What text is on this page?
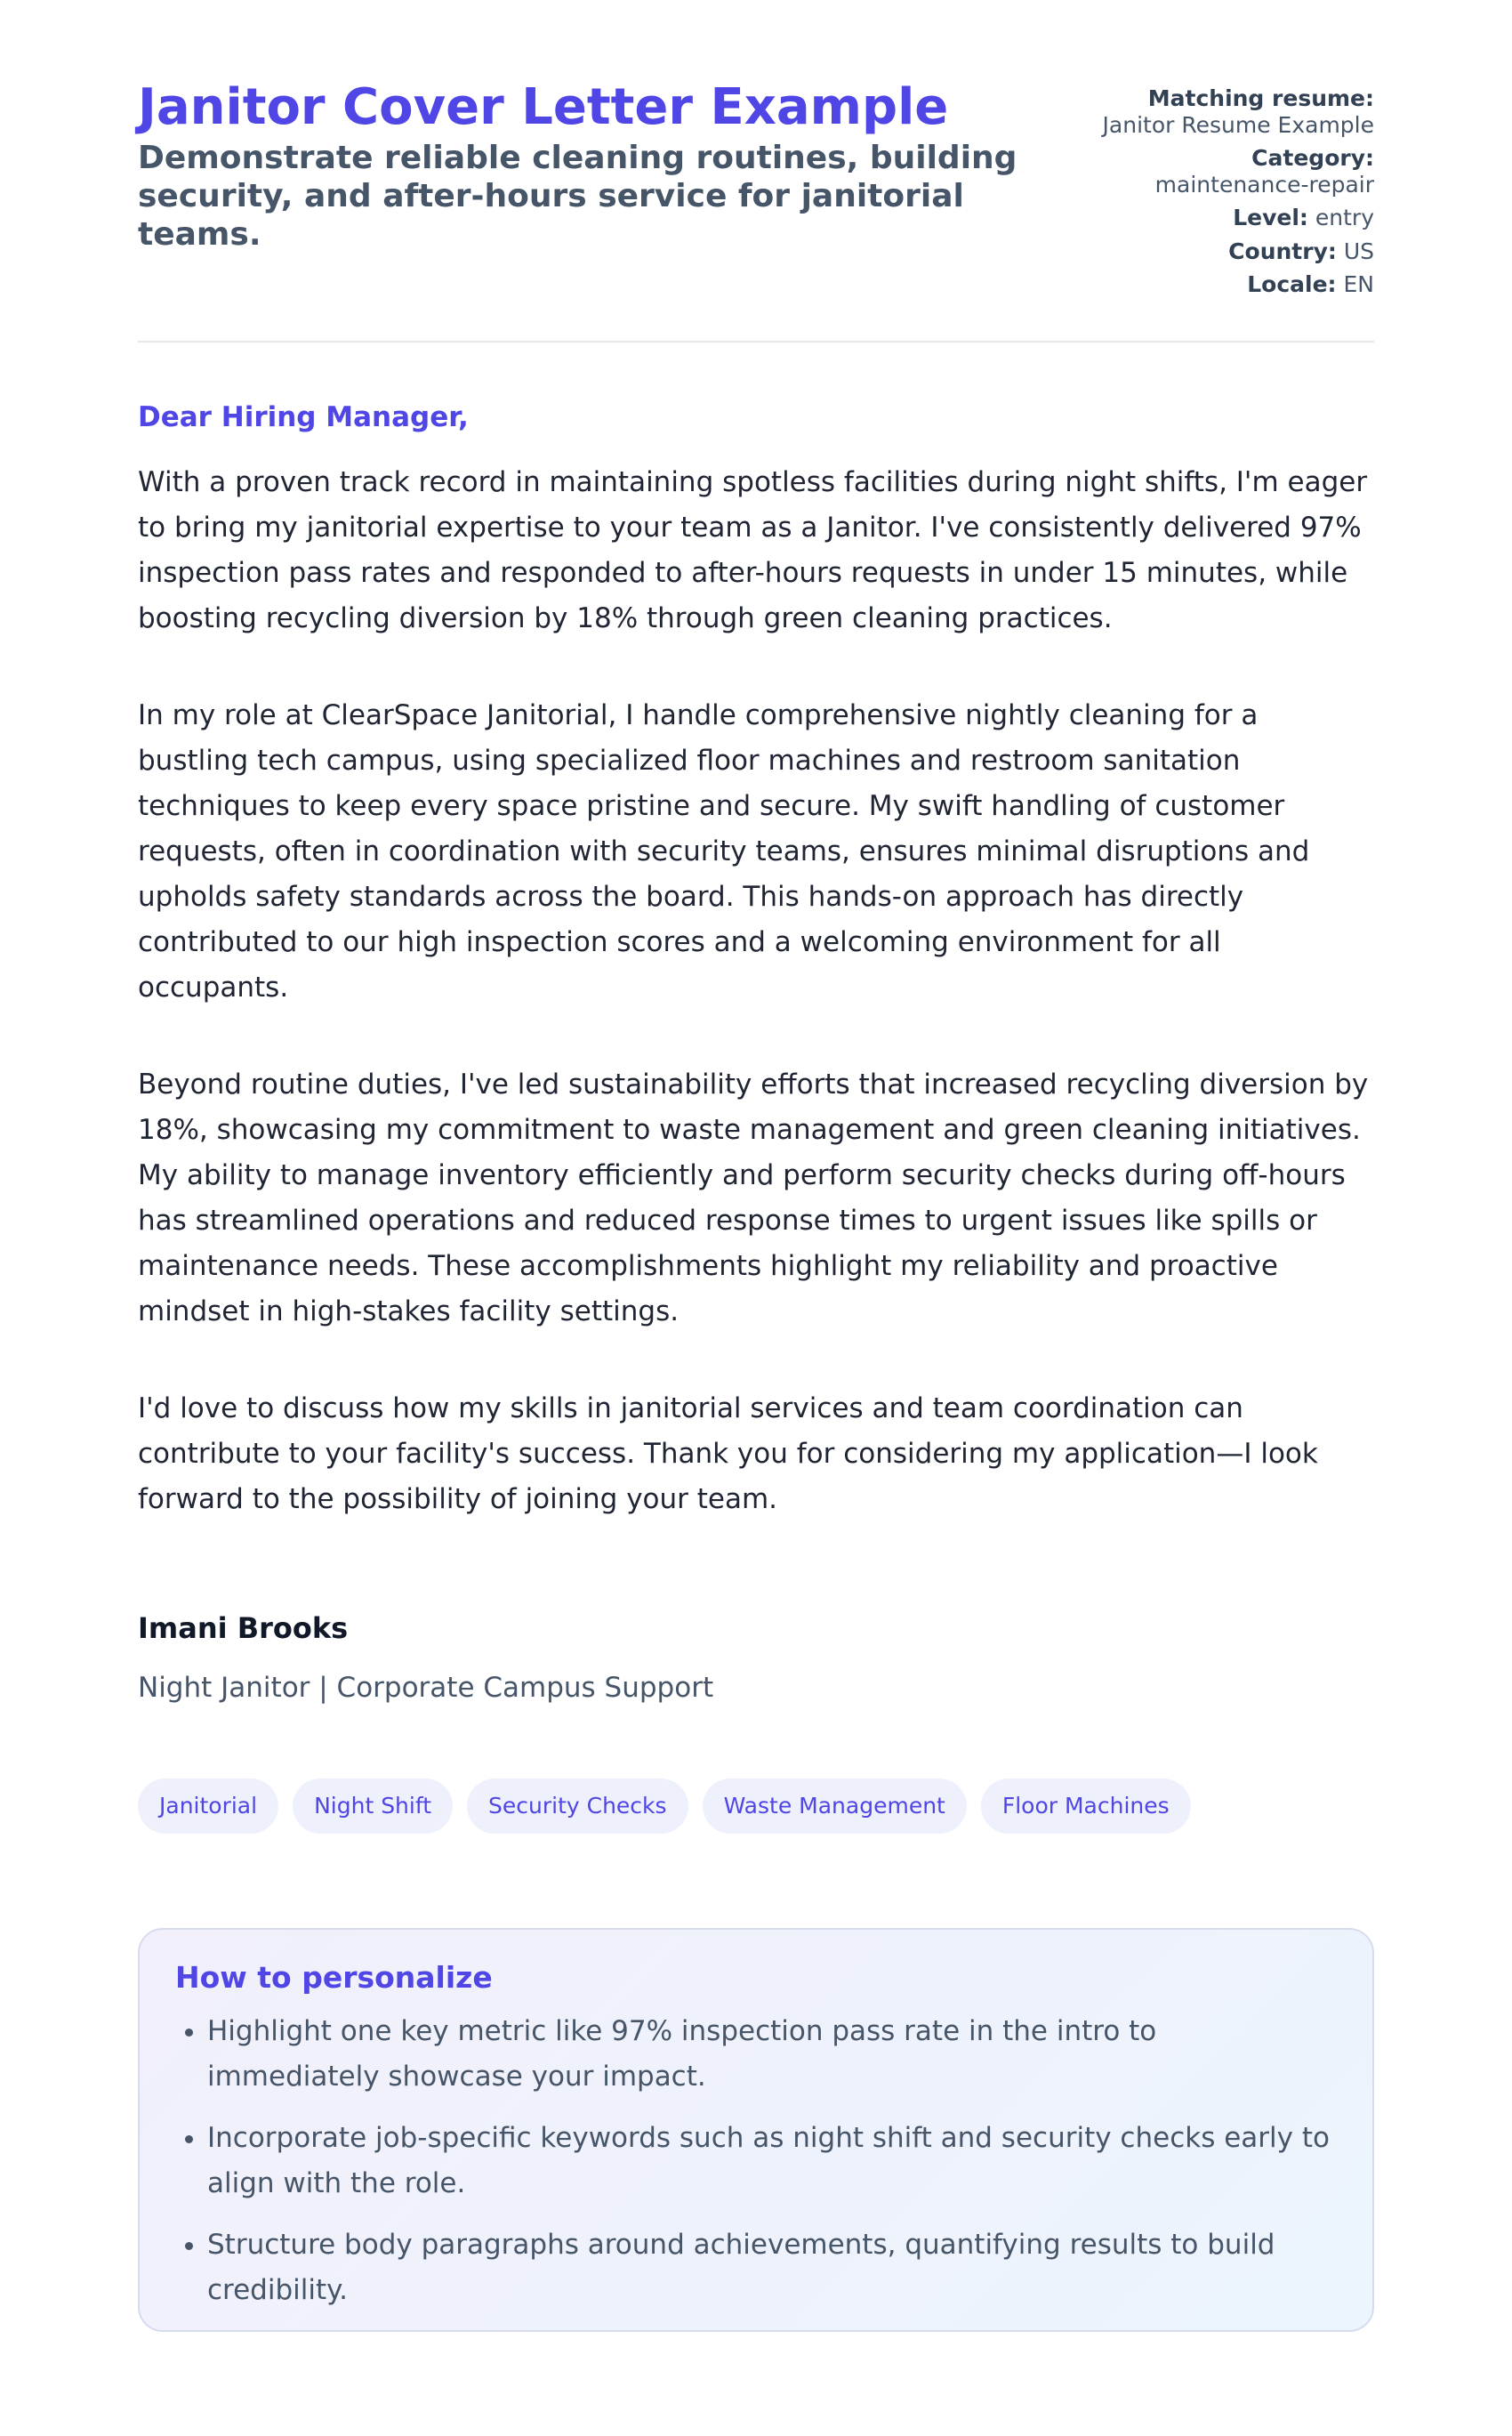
Janitor Cover Letter Example

Demonstrate reliable cleaning routines, building security, and after-hours service for janitorial teams.

Matching resume:
Janitor Resume Example
Category:
maintenance-repair
Level: entry
Country: US
Locale: EN
Dear Hiring Manager,

With a proven track record in maintaining spotless facilities during night shifts, I'm eager to bring my janitorial expertise to your team as a Janitor. I've consistently delivered 97% inspection pass rates and responded to after-hours requests in under 15 minutes, while boosting recycling diversion by 18% through green cleaning practices.

In my role at ClearSpace Janitorial, I handle comprehensive nightly cleaning for a bustling tech campus, using specialized floor machines and restroom sanitation techniques to keep every space pristine and secure. My swift handling of customer requests, often in coordination with security teams, ensures minimal disruptions and upholds safety standards across the board. This hands-on approach has directly contributed to our high inspection scores and a welcoming environment for all occupants.

Beyond routine duties, I've led sustainability efforts that increased recycling diversion by 18%, showcasing my commitment to waste management and green cleaning initiatives. My ability to manage inventory efficiently and perform security checks during off-hours has streamlined operations and reduced response times to urgent issues like spills or maintenance needs. These accomplishments highlight my reliability and proactive mindset in high-stakes facility settings.

I'd love to discuss how my skills in janitorial services and team coordination can contribute to your facility's success. Thank you for considering my application—I look forward to the possibility of joining your team.

Imani Brooks
Night Janitor | Corporate Campus Support
Janitorial	Night Shift	Security Checks	Waste Management	Floor Machines
How to personalize
• Highlight one key metric like 97% inspection pass rate in the intro to immediately showcase your impact.
• Incorporate job-specific keywords such as night shift and security checks early to align with the role.
• Structure body paragraphs around achievements, quantifying results to build credibility.
